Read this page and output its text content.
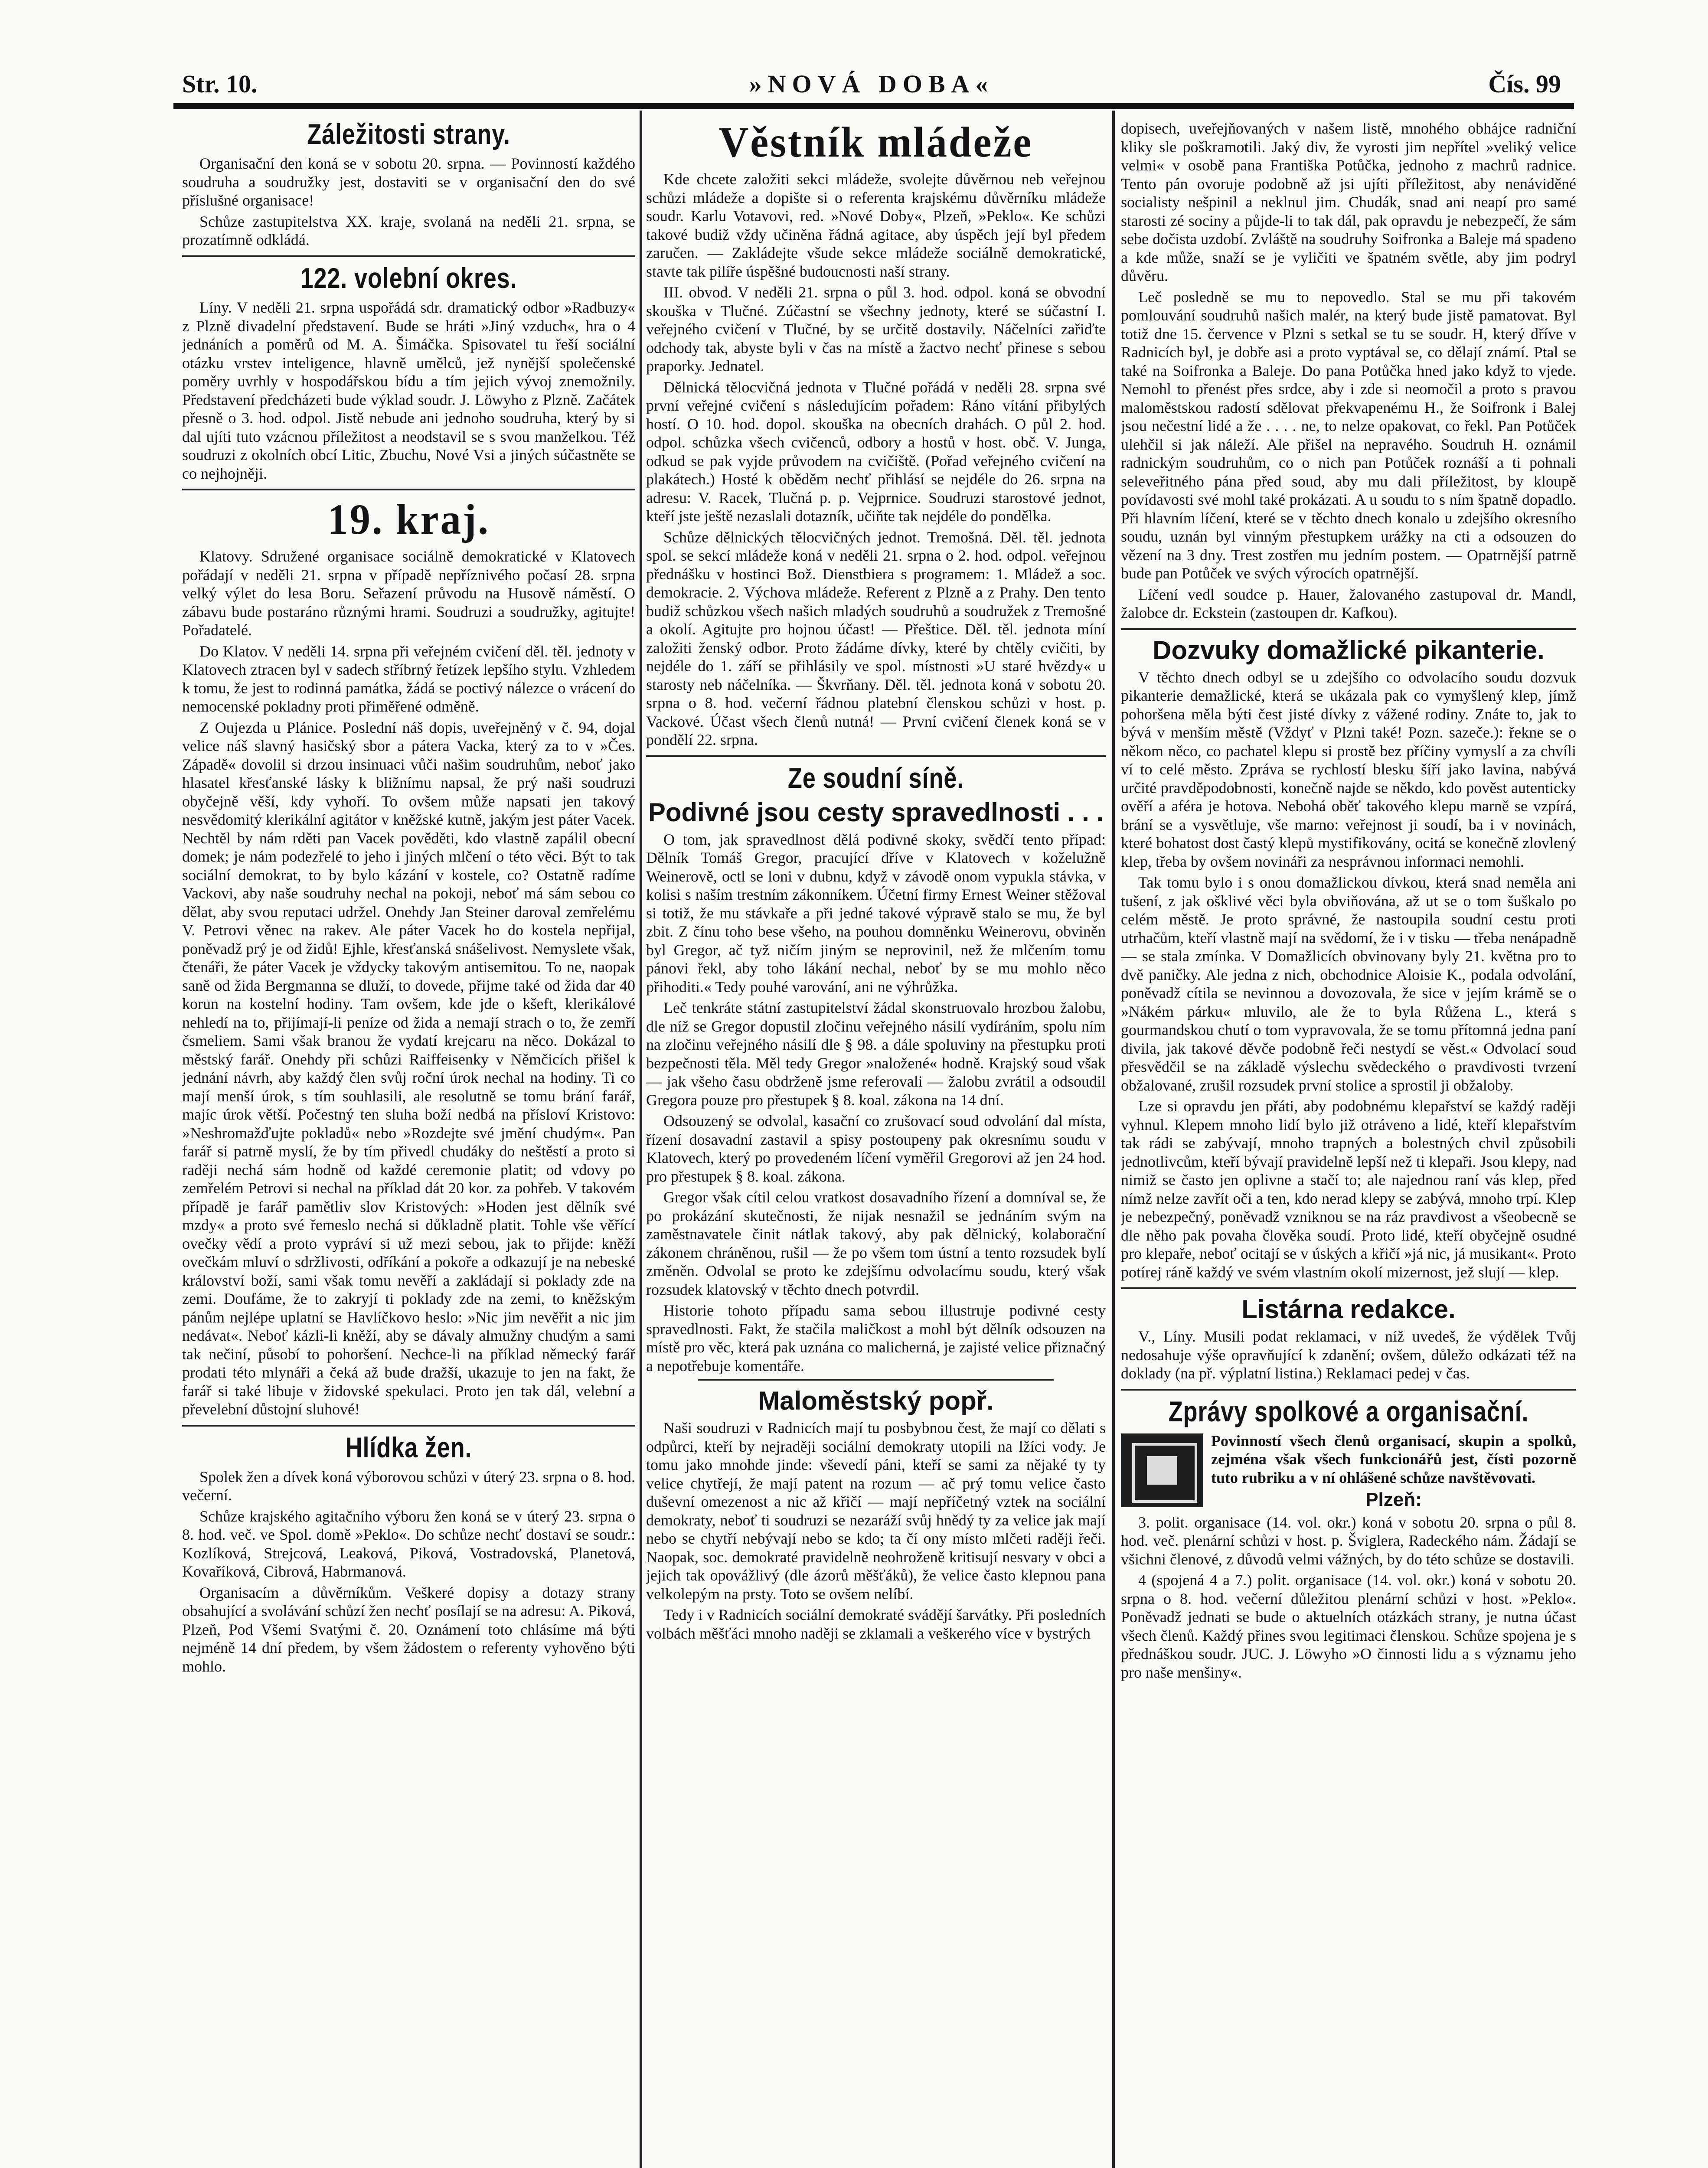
Str. 10.	»NOVÁ DOBA«	Čís. 99
Záležitosti strany.

Organisační den koná se v sobotu 20. srpna. — Povinností každého soudruha a soudružky jest, dostaviti se v organisační den do své příslušné organisace!

Schůze zastupitelstva XX. kraje, svolaná na neděli 21. srpna, se prozatímně odkládá.

122. volební okres.

Líny. V neděli 21. srpna uspořádá sdr. dramatický odbor »Radbuzy« z Plzně divadelní představení. Bude se hráti »Jiný vzduch«, hra o 4 jednáních a poměrů od M. A. Šimáčka. Spisovatel tu řeší sociální otázku vrstev inteligence, hlavně umělců, jež nynější společenské poměry uvrhly v hospodářskou bídu a tím jejich vývoj znemožnily. Představení předcházeti bude výklad soudr. J. Löwyho z Plzně. Začátek přesně o 3. hod. odpol. Jistě nebude ani jednoho soudruha, který by si dal ujíti tuto vzácnou příležitost a neodstavil se s svou manželkou. Též soudruzi z okolních obcí Litic, Zbuchu, Nové Vsi a jiných súčastněte se co nejhojněji.

19. kraj.

Klatovy. Sdružené organisace sociálně demokratické v Klatovech pořádají v neděli 21. srpna v případě nepříznivého počasí 28. srpna velký výlet do lesa Boru. Seřazení průvodu na Husově náměstí. O zábavu bude postaráno různými hrami. Soudruzi a soudružky, agitujte! Pořadatelé.

Do Klatov. V neděli 14. srpna při veřejném cvičení děl. těl. jednoty v Klatovech ztracen byl v sadech stříbrný řetízek lepšího stylu. Vzhledem k tomu, že jest to rodinná památka, žádá se poctivý nálezce o vrácení do nemocenské pokladny proti přiměřené odměně.

Z Oujezda u Plánice. Poslední náš dopis, uveřejněný v č. 94, dojal velice náš slavný hasičský sbor a pátera Vacka, který za to v »Čes. Západě« dovolil si drzou insinuaci vůči našim soudruhům, neboť jako hlasatel křesťanské lásky k bližnímu napsal, že prý naši soudruzi obyčejně věší, kdy vyhoří. To ovšem může napsati jen takový nesvědomitý klerikální agitátor v kněžské kutně, jakým jest páter Vacek. Nechtěl by nám rděti pan Vacek pověděti, kdo vlastně zapálil obecní domek; je nám podezřelé to jeho i jiných mlčení o této věci. Být to tak sociální demokrat, to by bylo kázání v kostele, co? Ostatně radíme Vackovi, aby naše soudruhy nechal na pokoji, neboť má sám sebou co dělat, aby svou reputaci udržel. Onehdy Jan Steiner daroval zemřelému V. Petrovi věnec na rakev. Ale páter Vacek ho do kostela nepřijal, poněvadž prý je od židů! Ejhle, křesťanská snášelivost. Nemyslete však, čtenáři, že páter Vacek je vždycky takovým antisemitou. To ne, naopak saně od žida Bergmanna se dluží, to dovede, přijme také od žida dar 40 korun na kostelní hodiny. Tam ovšem, kde jde o kšeft, klerikálové nehledí na to, přijímají-li peníze od žida a nemají strach o to, že zemří čsmeliem. Sami však branou že vydatí krejcaru na něco. Dokázal to městský farář. Onehdy při schůzi Raiffeisenky v Němčicích přišel k jednání návrh, aby každý člen svůj roční úrok nechal na hodiny. Ti co mají menší úrok, s tím souhlasili, ale resolutně se tomu brání farář, majíc úrok větší. Počestný ten sluha boží nedbá na přísloví Kristovo: »Neshromažďujte pokladů« nebo »Rozdejte své jmění chudým«. Pan farář si patrně myslí, že by tím přivedl chudáky do neštěstí a proto si raději nechá sám hodně od každé ceremonie platit; od vdovy po zemřelém Petrovi si nechal na příklad dát 20 kor. za pohřeb. V takovém případě je farář pamětliv slov Kristových: »Hoden jest dělník své mzdy« a proto své řemeslo nechá si důkladně platit. Tohle vše věřící ovečky vědí a proto vypráví si už mezi sebou, jak to přijde: kněží ovečkám mluví o sdržlivosti, odříkání a pokoře a odkazují je na nebeské království boží, sami však tomu nevěří a zakládají si poklady zde na zemi. Doufáme, že to zakryjí ti poklady zde na zemi, to kněžským pánům nejlépe uplatní se Havlíčkovo heslo: »Nic jim nevěřit a nic jim nedávat«. Neboť kázli-li kněží, aby se dávaly almužny chudým a sami tak nečiní, působí to pohoršení. Nechce-li na příklad německý farář prodati této mlynáři a čeká až bude dražší, ukazuje to jen na fakt, že farář si také libuje v židovské spekulaci. Proto jen tak dál, velební a převelební důstojní sluhové!

Hlídka žen.

Spolek žen a dívek koná výborovou schůzi v úterý 23. srpna o 8. hod. večerní.

Schůze krajského agitačního výboru žen koná se v úterý 23. srpna o 8. hod. več. ve Spol. domě »Peklo«. Do schůze nechť dostaví se soudr.: Kozlíková, Strejcová, Leaková, Piková, Vostradovská, Planetová, Kovaříková, Cibrová, Habrmanová.

Organisacím a důvěrníkům. Veškeré dopisy a dotazy strany obsahující a svolávání schůzí žen nechť posílají se na adresu: A. Piková, Plzeň, Pod Všemi Svatými č. 20. Oznámení toto chlásíme má býti nejméně 14 dní předem, by všem žádostem o referenty vyhověno býti mohlo.

Věstník mládeže

Kde chcete založiti sekci mládeže, svolejte důvěrnou neb veřejnou schůzi mládeže a dopište si o referenta krajskému důvěrníku mládeže soudr. Karlu Votavovi, red. »Nové Doby«, Plzeň, »Peklo«. Ke schůzi takové budiž vždy učiněna řádná agitace, aby úspěch její byl předem zaručen. — Zakládejte všude sekce mládeže sociálně demokratické, stavte tak pilíře úspěšné budoucnosti naší strany.

III. obvod. V neděli 21. srpna o půl 3. hod. odpol. koná se obvodní skouška v Tlučné. Zúčastní se všechny jednoty, které se súčastní I. veřejného cvičení v Tlučné, by se určitě dostavily. Náčelníci zařiďte odchody tak, abyste byli v čas na místě a žactvo nechť přinese s sebou praporky. Jednatel.

Dělnická tělocvičná jednota v Tlučné pořádá v neděli 28. srpna své první veřejné cvičení s následujícím pořadem: Ráno vítání přibylých hostí. O 10. hod. dopol. skouška na obecních drahách. O půl 2. hod. odpol. schůzka všech cvičenců, odbory a hostů v host. obč. V. Junga, odkud se pak vyjde průvodem na cvičiště. (Pořad veřejného cvičení na plakátech.) Hosté k oběděm nechť přihlásí se nejdéle do 26. srpna na adresu: V. Racek, Tlučná p. p. Vejprnice. Soudruzi starostové jednot, kteří jste ještě nezaslali dotazník, učiňte tak nejdéle do pondělka.

Schůze dělnických tělocvičných jednot. Tremošná. Děl. těl. jednota spol. se sekcí mládeže koná v neděli 21. srpna o 2. hod. odpol. veřejnou přednášku v hostinci Bož. Dienstbiera s programem: 1. Mládež a soc. demokracie. 2. Výchova mládeže. Referent z Plzně a z Prahy. Den tento budiž schůzkou všech našich mladých soudruhů a soudružek z Tremošné a okolí. Agitujte pro hojnou účast! — Přeštice. Děl. těl. jednota míní založiti ženský odbor. Proto žádáme dívky, které by chtěly cvičiti, by nejdéle do 1. září se přihlásily ve spol. místnosti »U staré hvězdy« u starosty neb náčelníka. — Škvrňany. Děl. těl. jednota koná v sobotu 20. srpna o 8. hod. večerní řádnou platební členskou schůzi v host. p. Vackové. Účast všech členů nutná! — První cvičení členek koná se v pondělí 22. srpna.

Ze soudní síně.
Podivné jsou cesty spravedlnosti . . .

O tom, jak spravedlnost dělá podivné skoky, svědčí tento případ: Dělník Tomáš Gregor, pracující dříve v Klatovech v koželužně Weinerově, octl se loni v dubnu, když v závodě onom vypukla stávka, v kolisi s naším trestním zákonníkem. Účetní firmy Ernest Weiner stěžoval si totiž, že mu stávkaře a při jedné takové výpravě stalo se mu, že byl zbit. Z čínu toho bese všeho, na pouhou domněnku Weinerovu, obviněn byl Gregor, ač tyž ničím jiným se neprovinil, než že mlčením tomu pánovi řekl, aby toho lákání nechal, neboť by se mu mohlo něco přihoditi.« Tedy pouhé varování, ani ne výhrůžka.

Leč tenkráte státní zastupitelství žádal skonstruovalo hrozbou žalobu, dle níž se Gregor dopustil zločinu veřejného násilí vydíráním, spolu ním na zločinu veřejného násilí dle § 98. a dále spoluviny na přestupku proti bezpečnosti těla. Měl tedy Gregor »naložené« hodně. Krajský soud však — jak všeho času obdrženě jsme referovali — žalobu zvrátil a odsoudil Gregora pouze pro přestupek § 8. koal. zákona na 14 dní.

Odsouzený se odvolal, kasační co zrušovací soud odvolání dal místa, řízení dosavadní zastavil a spisy postoupeny pak okresnímu soudu v Klatovech, který po provedeném líčení vyměřil Gregorovi až jen 24 hod. pro přestupek § 8. koal. zákona.

Gregor však cítil celou vratkost dosavadního řízení a domníval se, že po prokázání skutečnosti, že nijak nesnažil se jednáním svým na zaměstnavatele činit nátlak takový, aby pak dělnický, kolaborační zákonem chráněnou, rušil — že po všem tom ústní a tento rozsudek bylí změněn. Odvolal se proto ke zdejšímu odvolacímu soudu, který však rozsudek klatovský v těchto dnech potvrdil.

Historie tohoto případu sama sebou illustruje podivné cesty spravedlnosti. Fakt, že stačila maličkost a mohl být dělník odsouzen na místě pro věc, která pak uznána co malicherná, je zajisté velice přiznačný a nepotřebuje komentáře.

Maloměstský popř.

Naši soudruzi v Radnicích mají tu posbybnou čest, že mají co dělati s odpůrci, kteří by nejraději sociální demokraty utopili na lžíci vody. Je tomu jako mnohde jinde: vševedí páni, kteří se sami za nějaké ty ty velice chytřejí, že mají patent na rozum — ač prý tomu velice často duševní omezenost a nic až křičí — mají nepříčetný vztek na sociální demokraty, neboť ti soudruzi se nezaráží svůj hnědý ty za velice jak mají nebo se chytří nebývají nebo se kdo; ta čí ony místo mlčeti raději řeči. Naopak, soc. demokraté pravidelně neohroženě kritisují nesvary v obci a jejich tak opovážlivý (dle ázorů měšťáků), že velice často klepnou pana velkolepým na prsty. Toto se ovšem nelíbí.

Tedy i v Radnicích sociální demokraté svádějí šarvátky. Při posledních volbách měšťáci mnoho naději se zklamali a veškerého více v bystrých

dopisech, uveřejňovaných v našem listě, mnohého obhájce radniční kliky sle poškramotili. Jaký div, že vyrosti jim nepřítel »veliký velice velmi« v osobě pana Františka Potůčka, jednoho z machrů radnice. Tento pán ovoruje podobně až jsi ujíti příležitost, aby nenáviděné socialisty nešpinil a neklnul jim. Chudák, snad ani neapí pro samé starosti zé sociny a půjde-li to tak dál, pak opravdu je nebezpečí, že sám sebe dočista uzdobí. Zvláště na soudruhy Soifronka a Baleje má spadeno a kde může, snaží se je vyličiti ve špatném světle, aby jim podryl důvěru.

Leč posledně se mu to nepovedlo. Stal se mu při takovém pomlouvání soudruhů našich malér, na který bude jistě pamatovat. Byl totiž dne 15. července v Plzni s setkal se tu se soudr. H, který dříve v Radnicích byl, je dobře asi a proto vyptával se, co dělají známí. Ptal se také na Soifronka a Baleje. Do pana Potůčka hned jako když to vjede. Nemohl to přenést přes srdce, aby i zde si neomočil a proto s pravou maloměstskou radostí sdělovat překvapenému H., že Soifronk i Balej jsou nečestní lidé a že . . . . ne, to nelze opakovat, co řekl. Pan Potůček ulehčil si jak náleží. Ale přišel na nepravého. Soudruh H. oznámil radnickým soudruhům, co o nich pan Potůček roznáší a ti pohnali seleveřitného pána před soud, aby mu dali příležitost, by kloupě povídavosti své mohl také prokázati. A u soudu to s ním špatně dopadlo. Při hlavním líčení, které se v těchto dnech konalo u zdejšího okresního soudu, uznán byl vinným přestupkem urážky na cti a odsouzen do vězení na 3 dny. Trest zostřen mu jedním postem. — Opatrnější patrně bude pan Potůček ve svých výrocích opatrnější.

Líčení vedl soudce p. Hauer, žalovaného zastupoval dr. Mandl, žalobce dr. Eckstein (zastoupen dr. Kafkou).

Dozvuky domažlické pikanterie.

V těchto dnech odbyl se u zdejšího co odvolacího soudu dozvuk pikanterie demažlické, která se ukázala pak co vymyšlený klep, jímž pohoršena měla býti čest jisté dívky z vážené rodiny. Znáte to, jak to bývá v menším městě (Vždyť v Plzni také! Pozn. sazeče.): řekne se o někom něco, co pachatel klepu si prostě bez příčiny vymyslí a za chvíli ví to celé město. Zpráva se rychlostí blesku šíří jako lavina, nabývá určité pravděpodobnosti, konečně najde se někdo, kdo pověst autenticky ověří a aféra je hotova. Nebohá oběť takového klepu marně se vzpírá, brání se a vysvětluje, vše marno: veřejnost ji soudí, ba i v novinách, které bohatost dost častý klepů mystifikovány, ocitá se konečně zlovlený klep, třeba by ovšem novináři za nesprávnou informaci nemohli.

Tak tomu bylo i s onou domažlickou dívkou, která snad neměla ani tušení, z jak ošklivé věci byla obviňována, až ut se o tom šuškalo po celém městě. Je proto správné, že nastoupila soudní cestu proti utrhačům, kteří vlastně mají na svědomí, že i v tisku — třeba nenápadně — se stala zmínka. V Domažlicích obvinovany byly 21. května pro to dvě paničky. Ale jedna z nich, obchodnice Aloisie K., podala odvolání, poněvadž cítila se nevinnou a dovozovala, že sice v jejím krámě se o »Nákém párku« mluvilo, ale že to byla Růžena L., která s gourmandskou chutí o tom vypravovala, že se tomu přítomná jedna paní divila, jak takové děvče podobně řeči nestydí se věst.« Odvolací soud přesvědčil se na základě výslechu svědeckého o pravdivosti tvrzení obžalované, zrušil rozsudek první stolice a sprostil ji obžaloby.

Lze si opravdu jen přáti, aby podobnému klepařství se každý raději vyhnul. Klepem mnoho lidí bylo již otráveno a lidé, kteří klepařstvím tak rádi se zabývají, mnoho trapných a bolestných chvil způsobili jednotlivcům, kteří bývají pravidelně lepší než ti klepaři. Jsou klepy, nad nimiž se často jen oplivne a stačí to; ale najednou raní vás klep, před nímž nelze zavřít oči a ten, kdo nerad klepy se zabývá, mnoho trpí. Klep je nebezpečný, poněvadž vzniknou se na ráz pravdivost a všeobecně se dle něho pak povaha člověka soudí. Proto lidé, kteří obyčejně osudné pro klepaře, neboť ocitají se v úských a křičí »já nic, já musikant«. Proto potírej ráně každý ve svém vlastním okolí mizernost, jež slují — klep.

Listárna redakce.

V., Líny. Musili podat reklamaci, v níž uvedeš, že výdělek Tvůj nedosahuje výše opravňující k zdanění; ovšem, důležo odkázati též na doklady (na př. výplatní listina.) Reklamaci pedej v čas.

Zprávy spolkové a organisační.

Povinností všech členů organisací, skupin a spolků, zejména však všech funkcionářů jest, čísti pozorně tuto rubriku a v ní ohlášené schůze navštěvovati.

Plzeň:

3. polit. organisace (14. vol. okr.) koná v sobotu 20. srpna o půl 8. hod. več. plenární schůzi v host. p. Šviglera, Radeckého nám. Žádají se všichni členové, z důvodů velmi vážných, by do této schůze se dostavili.

4 (spojená 4 a 7.) polit. organisace (14. vol. okr.) koná v sobotu 20. srpna o 8. hod. večerní důležitou plenární schůzi v host. »Peklo«. Poněvadž jednati se bude o aktuelních otázkách strany, je nutna účast všech členů. Každý přines svou legitimaci členskou. Schůze spojena je s přednáškou soudr. JUC. J. Löwyho »O činnosti lidu a s významu jeho pro naše menšiny«.
